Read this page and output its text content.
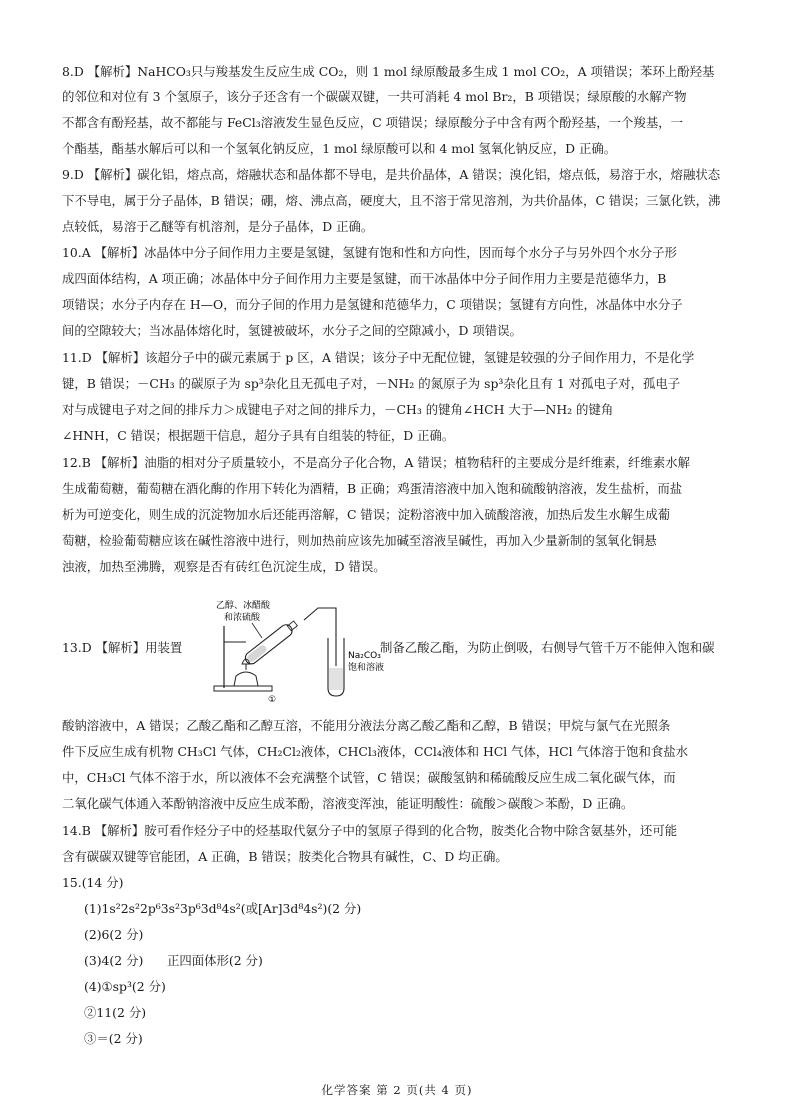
8.D 【解析】NaHCO₃只与羧基发生反应生成 CO₂，则 1 mol 绿原酸最多生成 1 mol CO₂，A 项错误；苯环上酚羟基
的邻位和对位有 3 个氢原子，该分子还含有一个碳碳双键，一共可消耗 4 mol Br₂，B 项错误；绿原酸的水解产物
不都含有酚羟基，故不都能与 FeCl₃溶液发生显色反应，C 项错误；绿原酸分子中含有两个酚羟基，一个羧基，一
个酯基，酯基水解后可以和一个氢氧化钠反应，1 mol 绿原酸可以和 4 mol 氢氧化钠反应，D 正确。
9.D 【解析】碳化铝，熔点高，熔融状态和晶体都不导电，是共价晶体，A 错误；溴化铝，熔点低，易溶于水，熔融状态
下不导电，属于分子晶体，B 错误；硼，熔、沸点高，硬度大，且不溶于常见溶剂，为共价晶体，C 错误；三氯化铁，沸
点较低，易溶于乙醚等有机溶剂，是分子晶体，D 正确。
10.A 【解析】冰晶体中分子间作用力主要是氢键，氢键有饱和性和方向性，因而每个水分子与另外四个水分子形
成四面体结构，A 项正确；冰晶体中分子间作用力主要是氢键，而干冰晶体中分子间作用力主要是范德华力，B
项错误；水分子内存在 H—O，而分子间的作用力是氢键和范德华力，C 项错误；氢键有方向性，冰晶体中水分子
间的空隙较大；当冰晶体熔化时，氢键被破坏，水分子之间的空隙减小，D 项错误。
11.D 【解析】该超分子中的碳元素属于 p 区，A 错误；该分子中无配位键，氢键是较强的分子间作用力，不是化学
键，B 错误；－CH₃ 的碳原子为 sp³杂化且无孤电子对，－NH₂ 的氮原子为 sp³杂化且有 1 对孤电子对，孤电子
对与成键电子对之间的排斥力＞成键电子对之间的排斥力，－CH₃ 的键角∠HCH 大于—NH₂ 的键角
∠HNH，C 错误；根据题干信息，超分子具有自组装的特征，D 正确。
12.B 【解析】油脂的相对分子质量较小，不是高分子化合物，A 错误；植物秸秆的主要成分是纤维素，纤维素水解
生成葡萄糖，葡萄糖在酒化酶的作用下转化为酒精，B 正确；鸡蛋清溶液中加入饱和硫酸钠溶液，发生盐析，而盐
析为可逆变化，则生成的沉淀物加水后还能再溶解，C 错误；淀粉溶液中加入硫酸溶液，加热后发生水解生成葡
萄糖，检验葡萄糖应该在碱性溶液中进行，则加热前应该先加碱至溶液呈碱性，再加入少量新制的氢氧化铜悬
浊液，加热至沸腾，观察是否有砖红色沉淀生成，D 错误。
13.D 【解析】用装置
乙醇、冰醋酸
和浓硫酸
Na₂CO₃
饱和溶液
①
制备乙酸乙酯，为防止倒吸，右侧导气管千万不能伸入饱和碳
酸钠溶液中，A 错误；乙酸乙酯和乙醇互溶，不能用分液法分离乙酸乙酯和乙醇，B 错误；甲烷与氯气在光照条
件下反应生成有机物 CH₃Cl 气体，CH₂Cl₂液体，CHCl₃液体，CCl₄液体和 HCl 气体，HCl 气体溶于饱和食盐水
中，CH₃Cl 气体不溶于水，所以液体不会充满整个试管，C 错误；碳酸氢钠和稀硫酸反应生成二氧化碳气体，而
二氧化碳气体通入苯酚钠溶液中反应生成苯酚，溶液变浑浊，能证明酸性：硫酸＞碳酸＞苯酚，D 正确。
14.B 【解析】胺可看作烃分子中的烃基取代氨分子中的氢原子得到的化合物，胺类化合物中除含氨基外，还可能
含有碳碳双键等官能团，A 正确，B 错误；胺类化合物具有碱性，C、D 均正确。
15.(14 分)
(1)1s²2s²2p⁶3s²3p⁶3d⁸4s²(或[Ar]3d⁸4s²)(2 分)
(2)6(2 分)
(3)4(2 分)      正四面体形(2 分)
(4)①sp³(2 分)
②11(2 分)
③＝(2 分)
化学答案 第 2 页(共 4 页)
